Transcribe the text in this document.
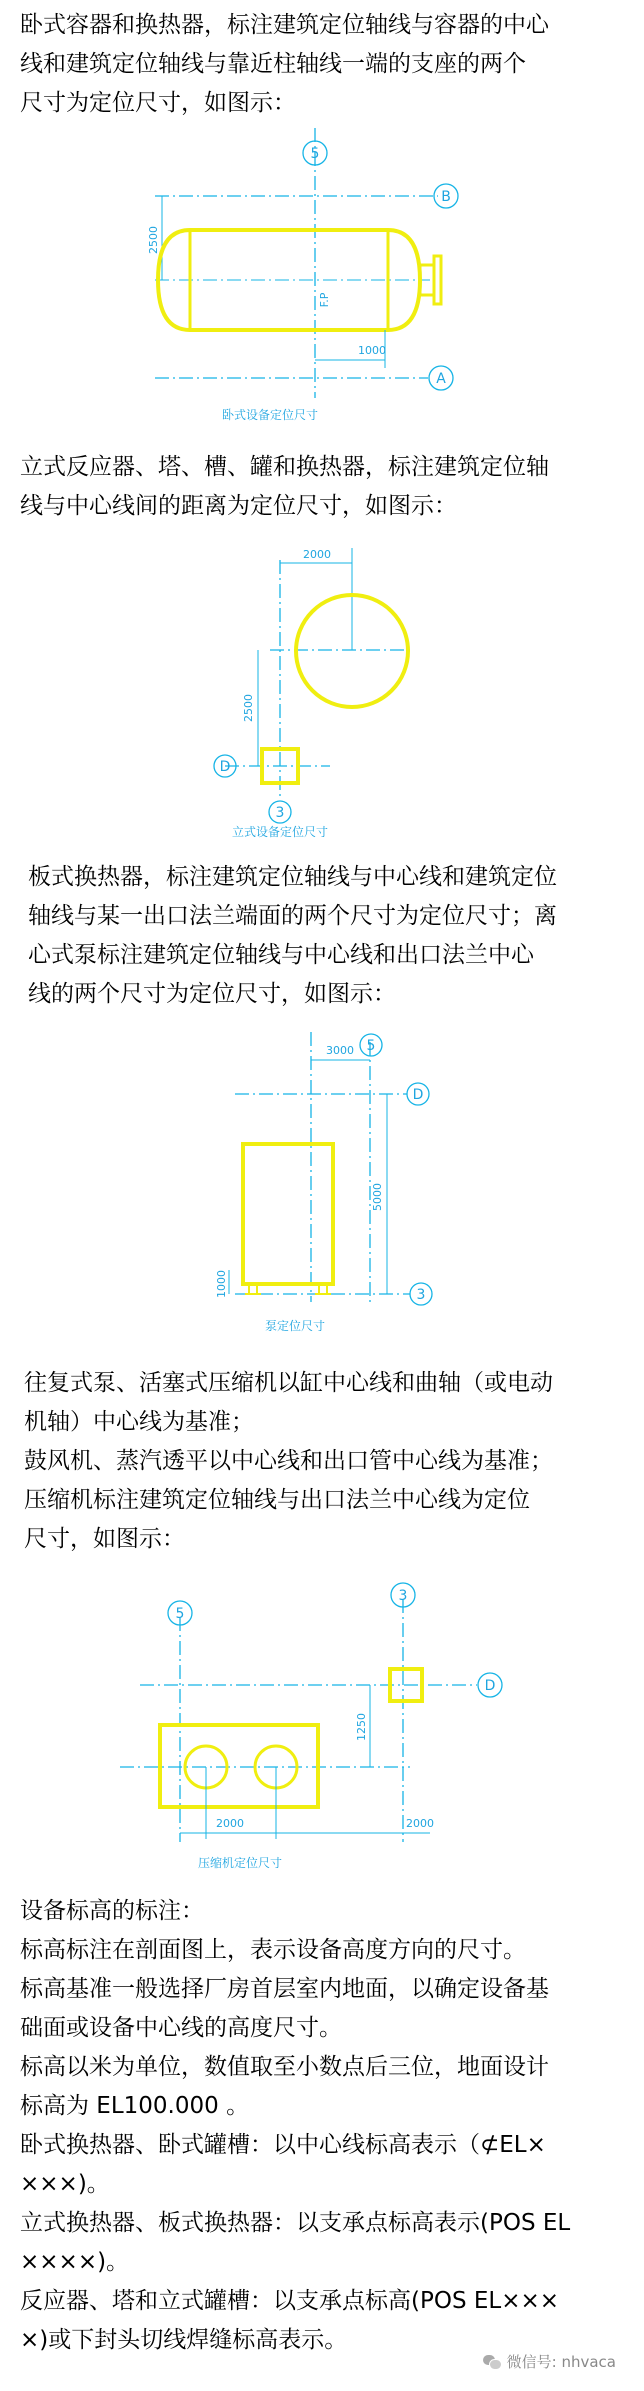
卧式容器和换热器，标注建筑定位轴线与容器的中心
线和建筑定位轴线与靠近柱轴线一端的支座的两个
尺寸为定位尺寸，如图示：
5
B
A
2500
1000
F.P
卧式设备定位尺寸
立式反应器、塔、槽、罐和换热器，标注建筑定位轴
线与中心线间的距离为定位尺寸，如图示：
2000
D
2500
3
立式设备定位尺寸
板式换热器，标注建筑定位轴线与中心线和建筑定位
轴线与某一出口法兰端面的两个尺寸为定位尺寸；离
心式泵标注建筑定位轴线与中心线和出口法兰中心
线的两个尺寸为定位尺寸，如图示：
3000 5
D
3
5000
1000
泵定位尺寸
往复式泵、活塞式压缩机以缸中心线和曲轴（或电动
机轴）中心线为基准；
鼓风机、蒸汽透平以中心线和出口管中心线为基准；
压缩机标注建筑定位轴线与出口法兰中心线为定位
尺寸，如图示：
5
3
D
1250
2000	2000
压缩机定位尺寸
设备标高的标注：
标高标注在剖面图上，表示设备高度方向的尺寸。
标高基准一般选择厂房首层室内地面，以确定设备基
础面或设备中心线的高度尺寸。
标高以米为单位，数值取至小数点后三位，地面设计
标高为 EL100.000 。
卧式换热器、卧式罐槽：以中心线标高表示（⊄EL×
×××)。
立式换热器、板式换热器：以支承点标高表示(POS EL
××××)。
反应器、塔和立式罐槽：以支承点标高(POS EL×××
×)或下封头切线焊缝标高表示。
微信号: nhvaca
